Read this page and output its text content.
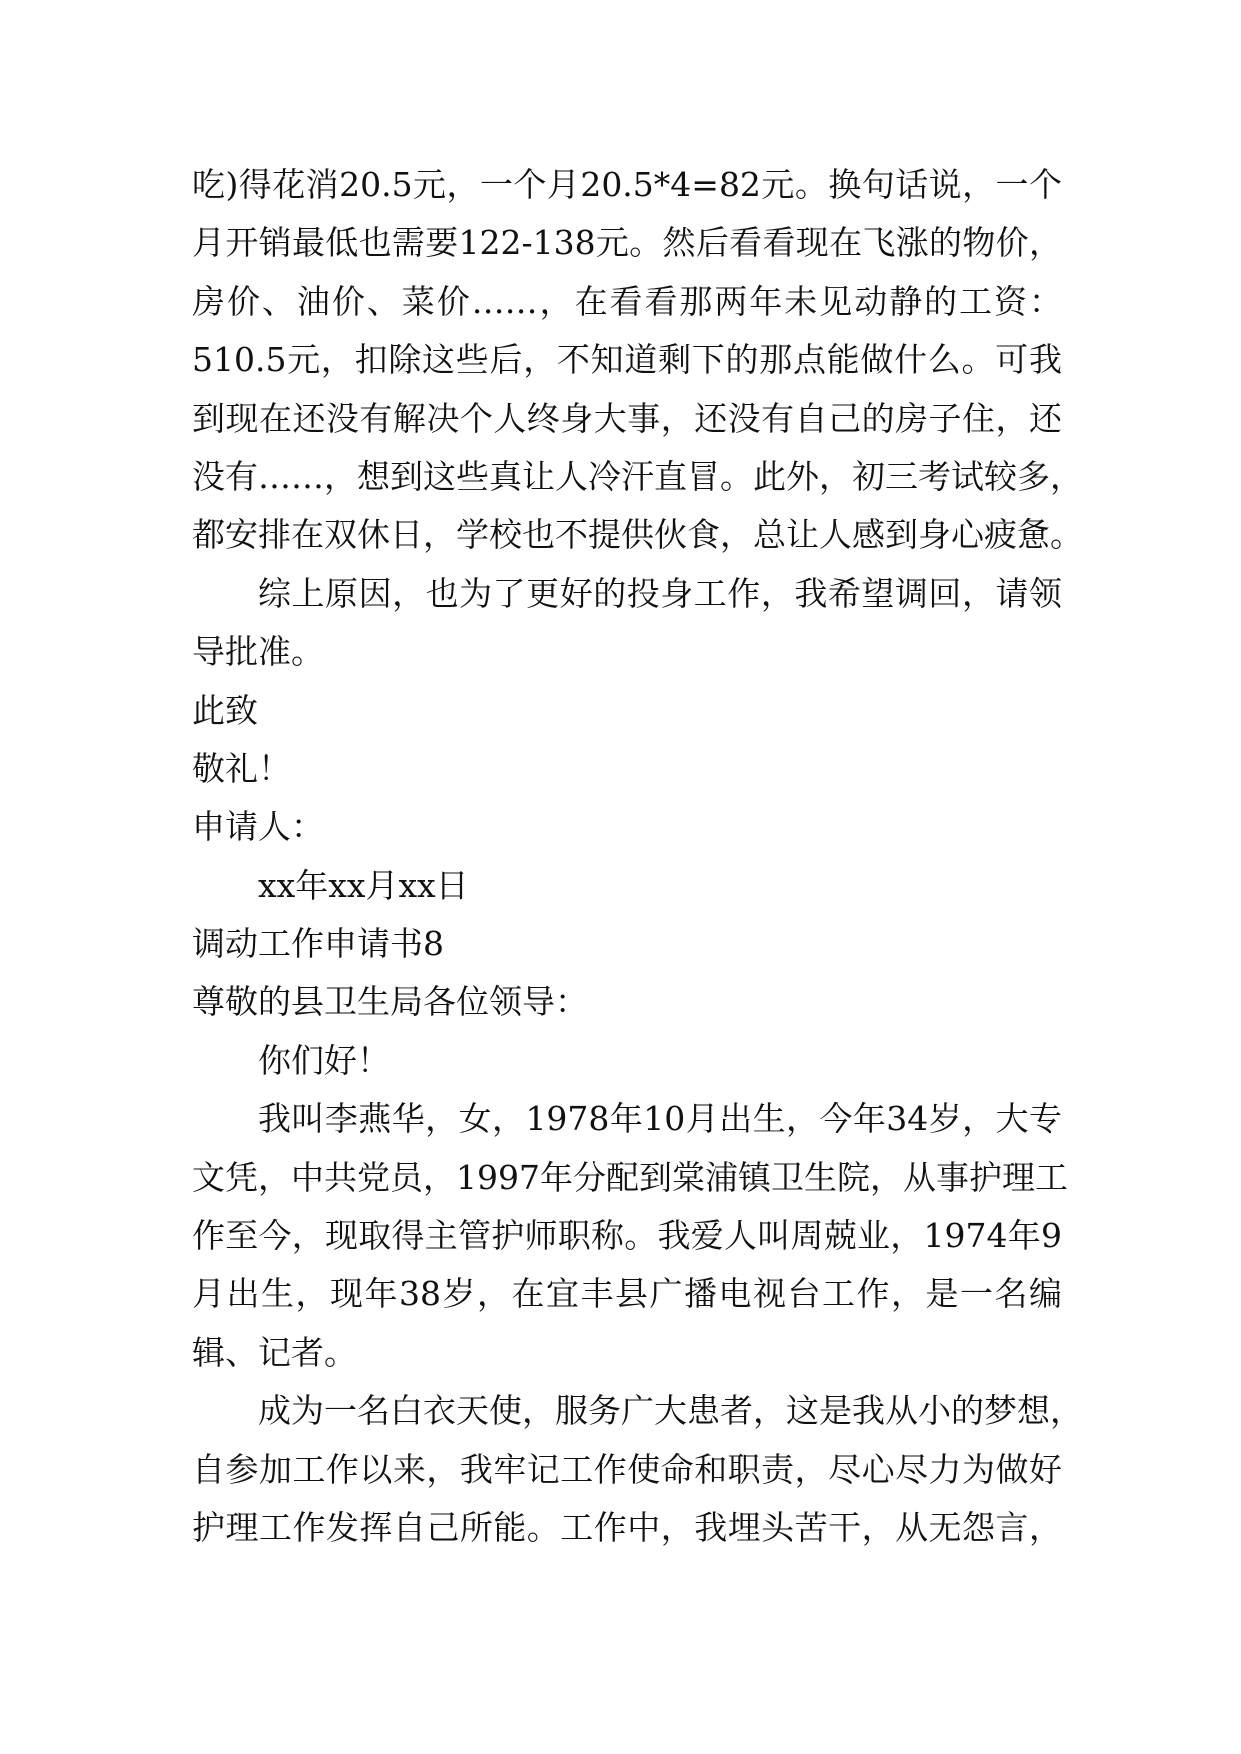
吃)得花消20.5元，一个月20.5*4=82元。换句话说，一个
月开销最低也需要122-138元。然后看看现在飞涨的物价，
房价、油价、菜价……，在看看那两年未见动静的工资：
510.5元，扣除这些后，不知道剩下的那点能做什么。可我
到现在还没有解决个人终身大事，还没有自己的房子住，还
没有……，想到这些真让人冷汗直冒。此外，初三考试较多，
都安排在双休日，学校也不提供伙食，总让人感到身心疲惫。
综上原因，也为了更好的投身工作，我希望调回，请领
导批准。
此致
敬礼！
申请人：
xx年xx月xx日
调动工作申请书8
尊敬的县卫生局各位领导：
你们好！
我叫李燕华，女，1978年10月出生，今年34岁，大专
文凭，中共党员，1997年分配到棠浦镇卫生院，从事护理工
作至今，现取得主管护师职称。我爱人叫周兢业，1974年9
月出生，现年38岁，在宜丰县广播电视台工作，是一名编
辑、记者。
成为一名白衣天使，服务广大患者，这是我从小的梦想，
自参加工作以来，我牢记工作使命和职责，尽心尽力为做好
护理工作发挥自己所能。工作中，我埋头苦干，从无怨言，
